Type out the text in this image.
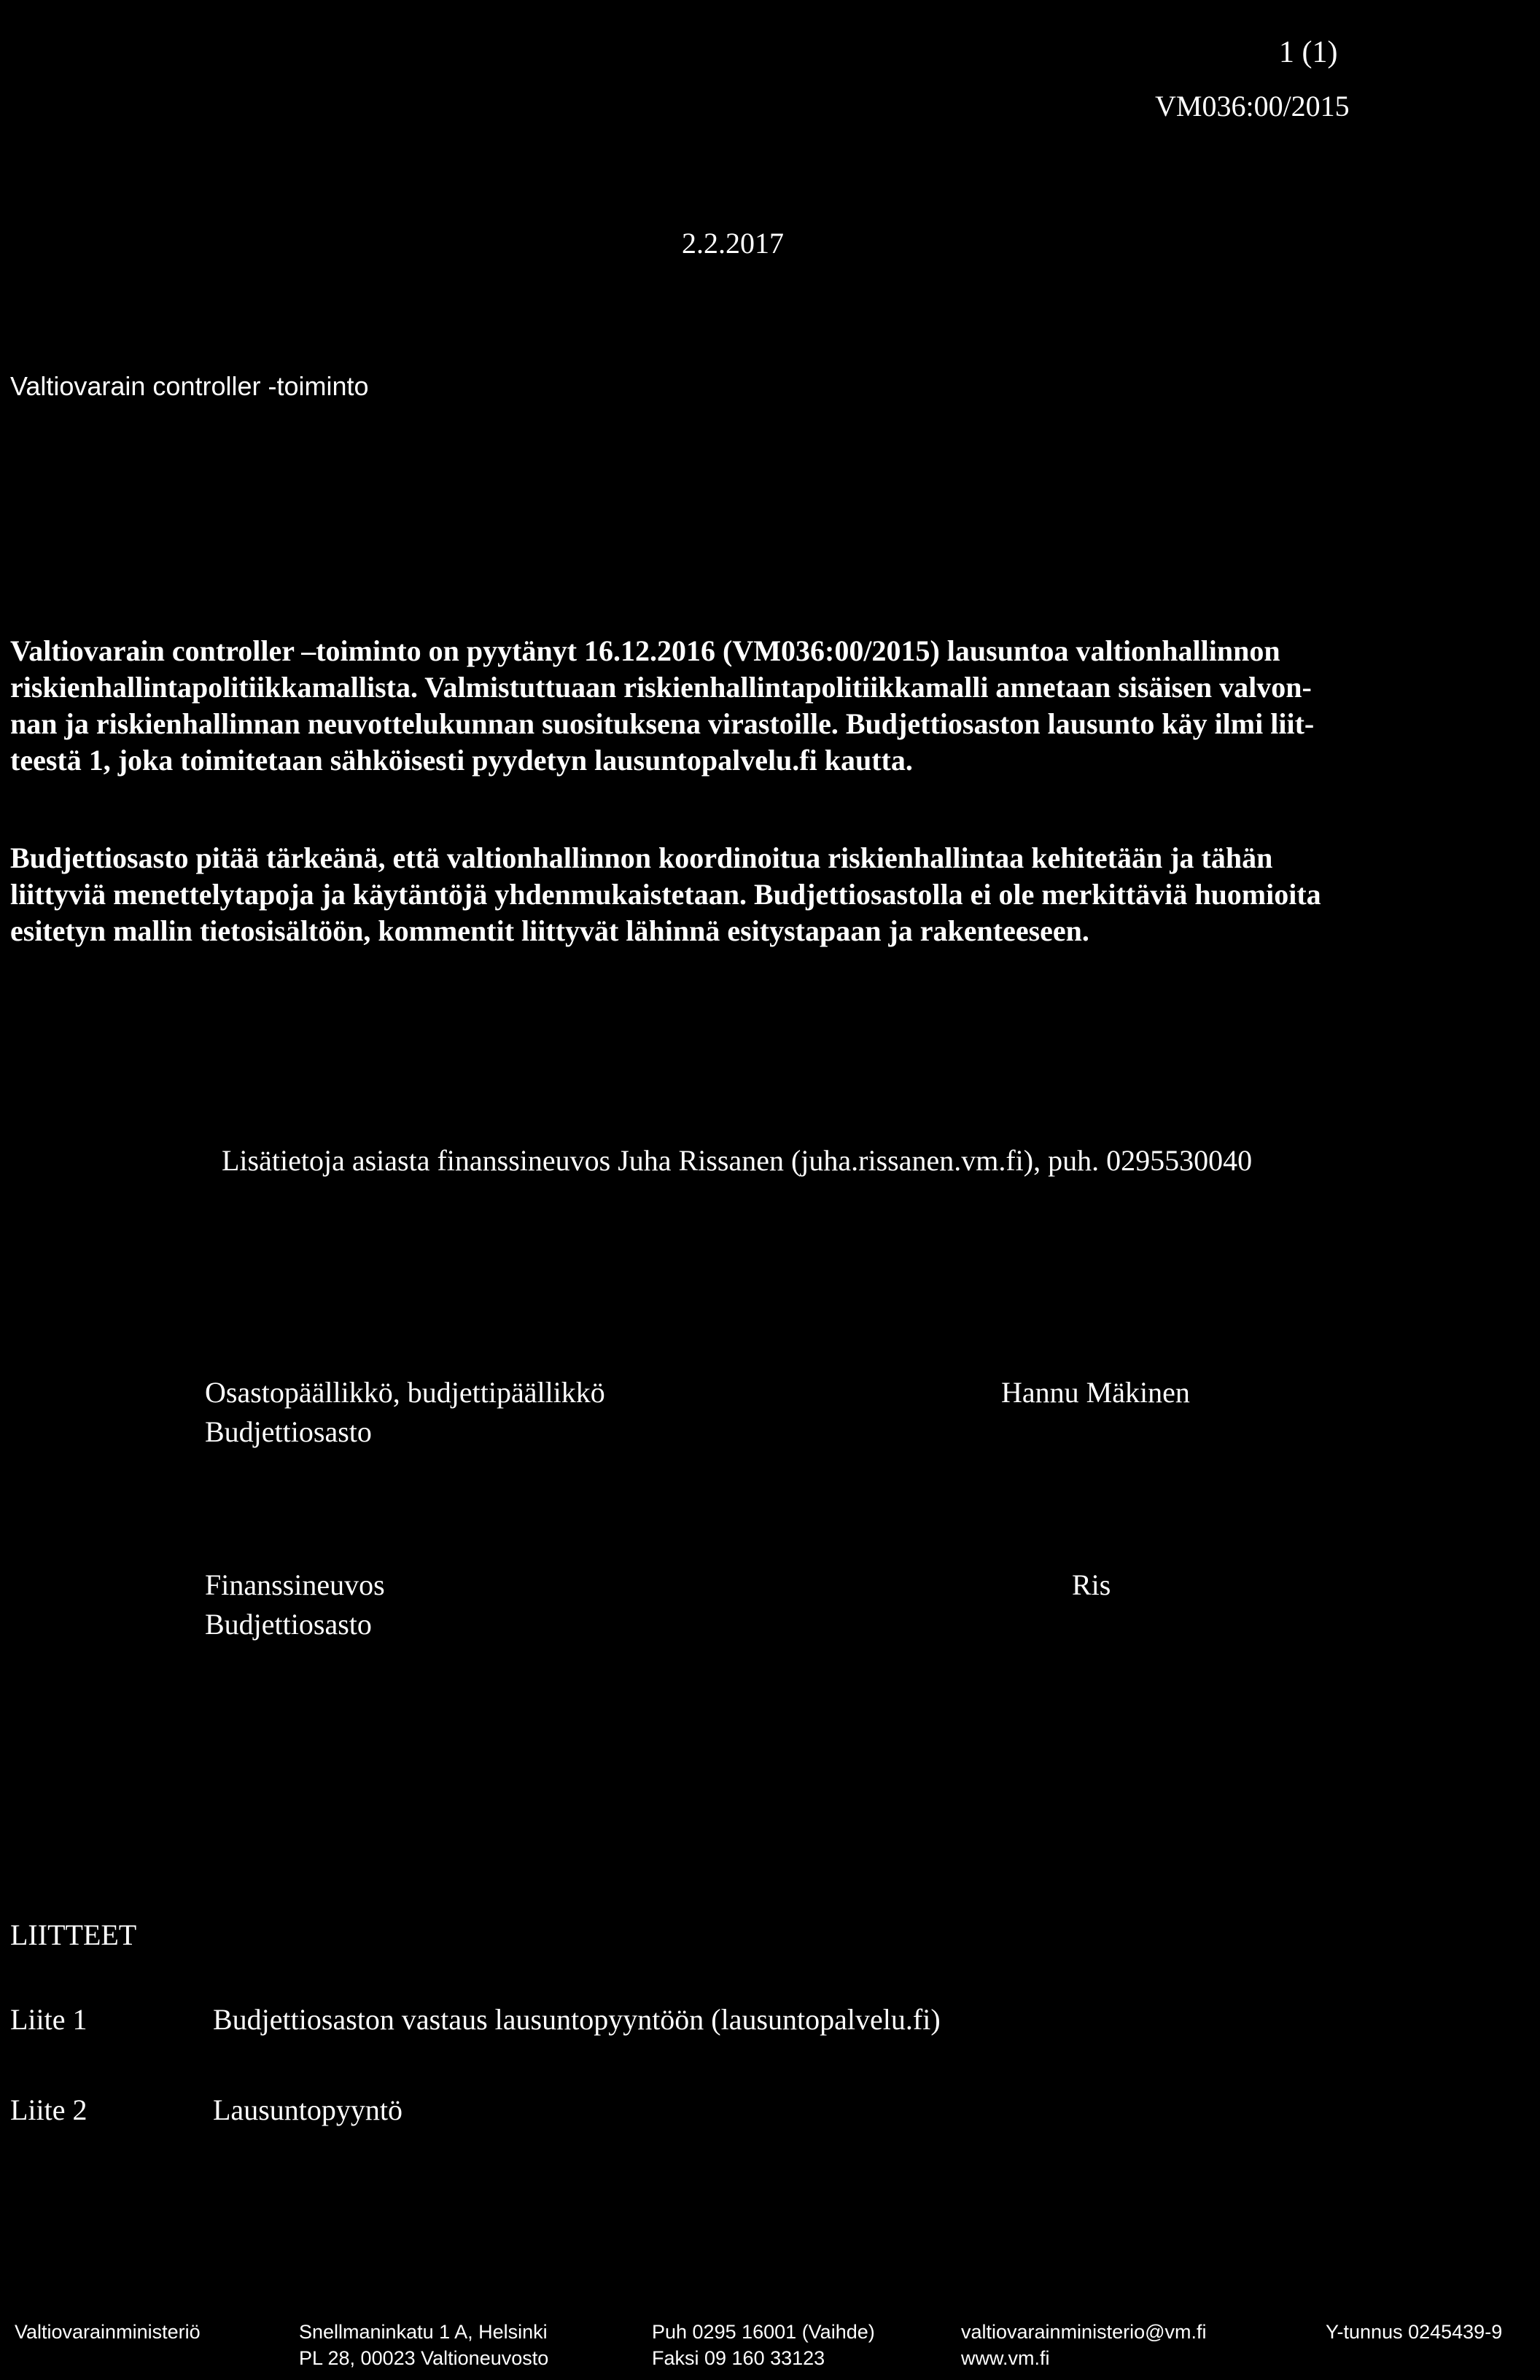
1 (1)
VM036:00/2015
2.2.2017
Valtiovarain controller -toiminto
Valtiovarain controller –toiminto on pyytänyt 16.12.2016 (VM036:00/2015) lausuntoa valtionhallinnon
riskienhallintapolitiikkamallista. Valmistuttuaan riskienhallintapolitiikkamalli annetaan sisäisen valvon-
nan ja riskienhallinnan neuvottelukunnan suosituksena virastoille. Budjettiosaston lausunto käy ilmi liit-
teestä 1, joka toimitetaan sähköisesti pyydetyn lausuntopalvelu.fi kautta.
Budjettiosasto pitää tärkeänä, että valtionhallinnon koordinoitua riskienhallintaa kehitetään ja tähän
liittyviä menettelytapoja ja käytäntöjä yhdenmukaistetaan. Budjettiosastolla ei ole merkittäviä huomioita
esitetyn mallin tietosisältöön, kommentit liittyvät lähinnä esitystapaan ja rakenteeseen.
Lisätietoja asiasta finanssineuvos Juha Rissanen (juha.rissanen.vm.fi), puh. 0295530040
Osastopäällikkö, budjettipäällikkö
Budjettiosasto
Hannu Mäkinen
Finanssineuvos
Budjettiosasto
Ris
LIITTEET
Liite 1	Budjettiosaston vastaus lausuntopyyntöön (lausuntopalvelu.fi)
Liite 2	Lausuntopyyntö
Valtiovarainministeriö	Snellmaninkatu 1 A, Helsinki
PL 28, 00023 Valtioneuvosto
Puh 0295 16001 (Vaihde)
Faksi 09 160 33123
valtiovarainministerio@vm.fi
www.vm.fi
Y-tunnus 0245439-9
